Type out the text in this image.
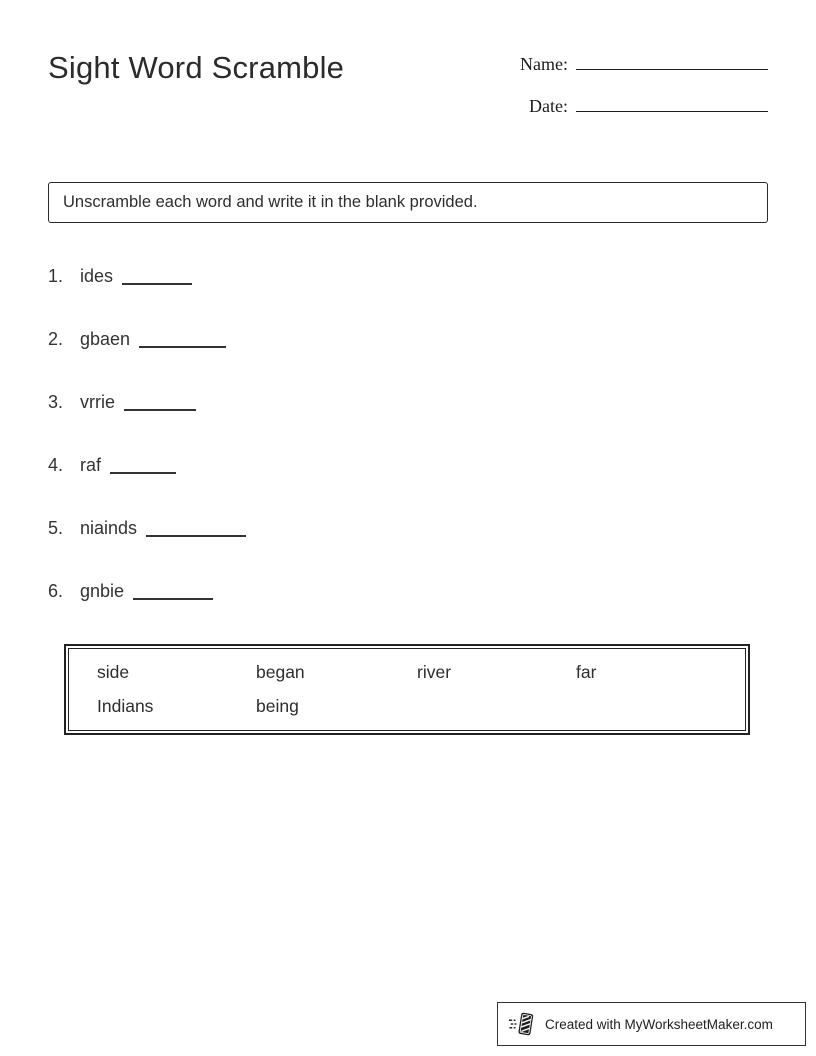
Sight Word Scramble	Name:
Date:
Unscramble each word and write it in the blank provided.
1. ides
2. gbaen
3. vrrie
4. raf
5. niainds
6. gnbie
side	began	river	far
Indians	being
Created with MyWorksheetMaker.com
